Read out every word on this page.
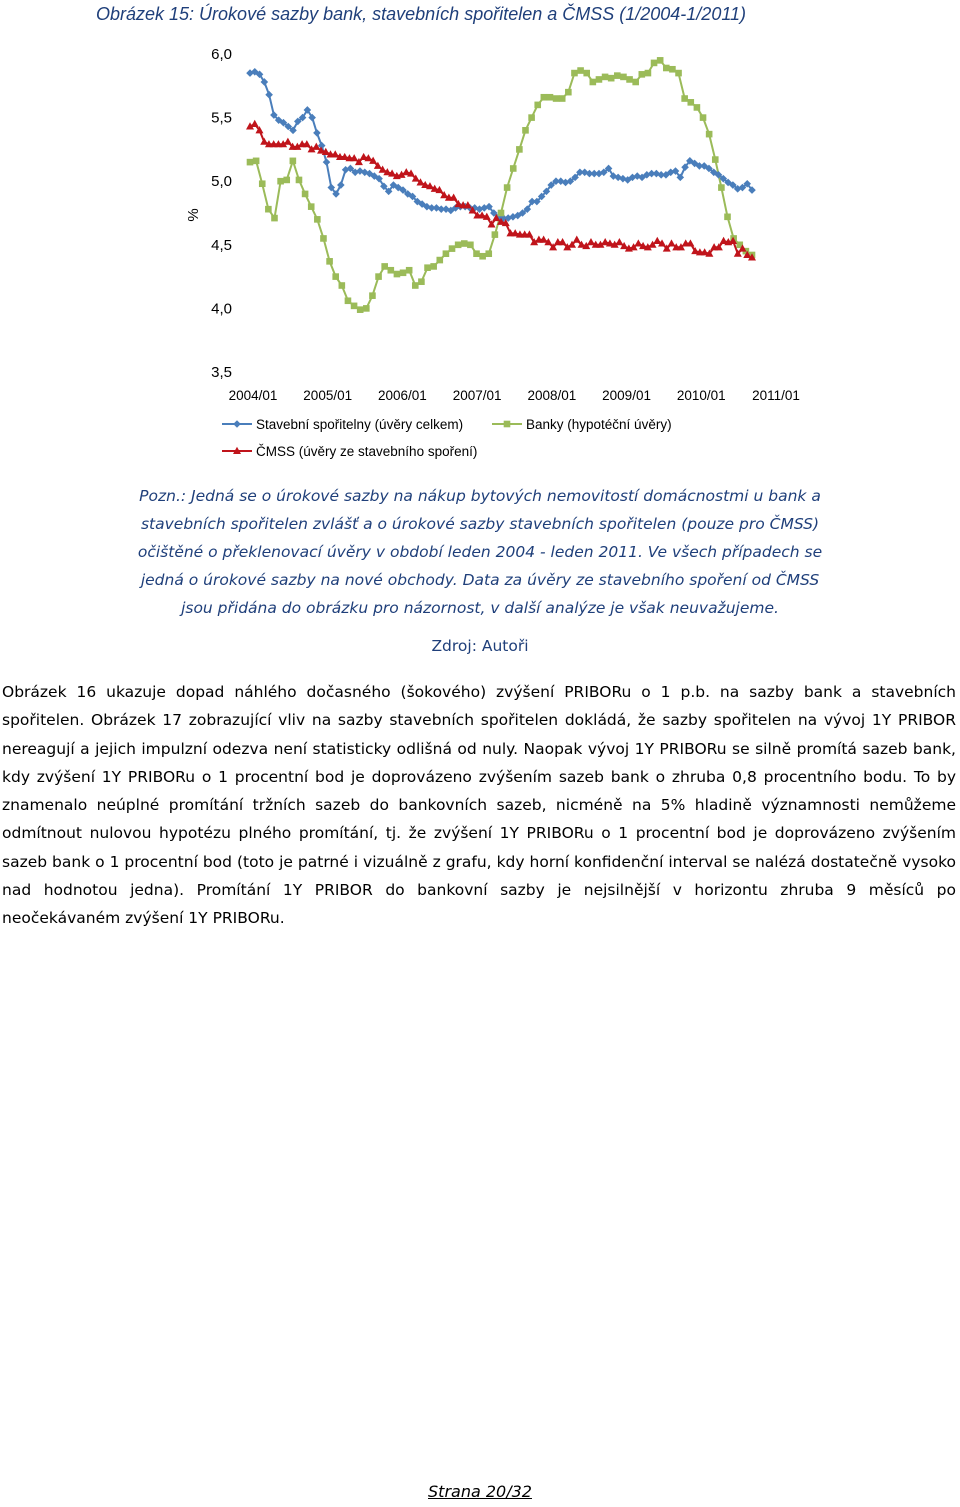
Obrázek 15: Úrokové sazby bank, stavebních spořitelen a ČMSS (1/2004-1/2011)
6,0
5,5
5,0
4,5
4,0
3,5
%
2004/01 2005/01 2006/01 2007/01 2008/01 2009/01 2010/01 2011/01
Stavební spořitelny (úvěry celkem)	Banky (hypotéční úvěry)
ČMSS (úvěry ze stavebního spoření)
Pozn.: Jedná se o úrokové sazby na nákup bytových nemovitostí domácnostmi u bank a
stavebních spořitelen zvlášť a o úrokové sazby stavebních spořitelen (pouze pro ČMSS)
očištěné o překlenovací úvěry v období leden 2004 - leden 2011. Ve všech případech se
jedná o úrokové sazby na nové obchody. Data za úvěry ze stavebního spoření od ČMSS
jsou přidána do obrázku pro názornost, v další analýze je však neuvažujeme.
Zdroj: Autoři
Obrázek 16 ukazuje dopad náhlého dočasného (šokového) zvýšení PRIBORu o 1 p.b. na sazby bank a stavebních spořitelen. Obrázek 17 zobrazující vliv na sazby stavebních spořitelen dokládá, že sazby spořitelen na vývoj 1Y PRIBOR nereagují a jejich impulzní odezva není statisticky odlišná od nuly. Naopak vývoj 1Y PRIBORu se silně promítá sazeb bank, kdy zvýšení 1Y PRIBORu o 1 procentní bod je doprovázeno zvýšením sazeb bank o zhruba 0,8 procentního bodu. To by znamenalo neúplné promítání tržních sazeb do bankovních sazeb, nicméně na 5% hladině významnosti nemůžeme odmítnout nulovou hypotézu plného promítání, tj. že zvýšení 1Y PRIBORu o 1 procentní bod je doprovázeno zvýšením sazeb bank o 1 procentní bod (toto je patrné i vizuálně z grafu, kdy horní konfidenční interval se nalézá dostatečně vysoko nad hodnotou jedna). Promítání 1Y PRIBOR do bankovní sazby je nejsilnější v horizontu zhruba 9 měsíců po neočekávaném zvýšení 1Y PRIBORu.
Strana 20/32
